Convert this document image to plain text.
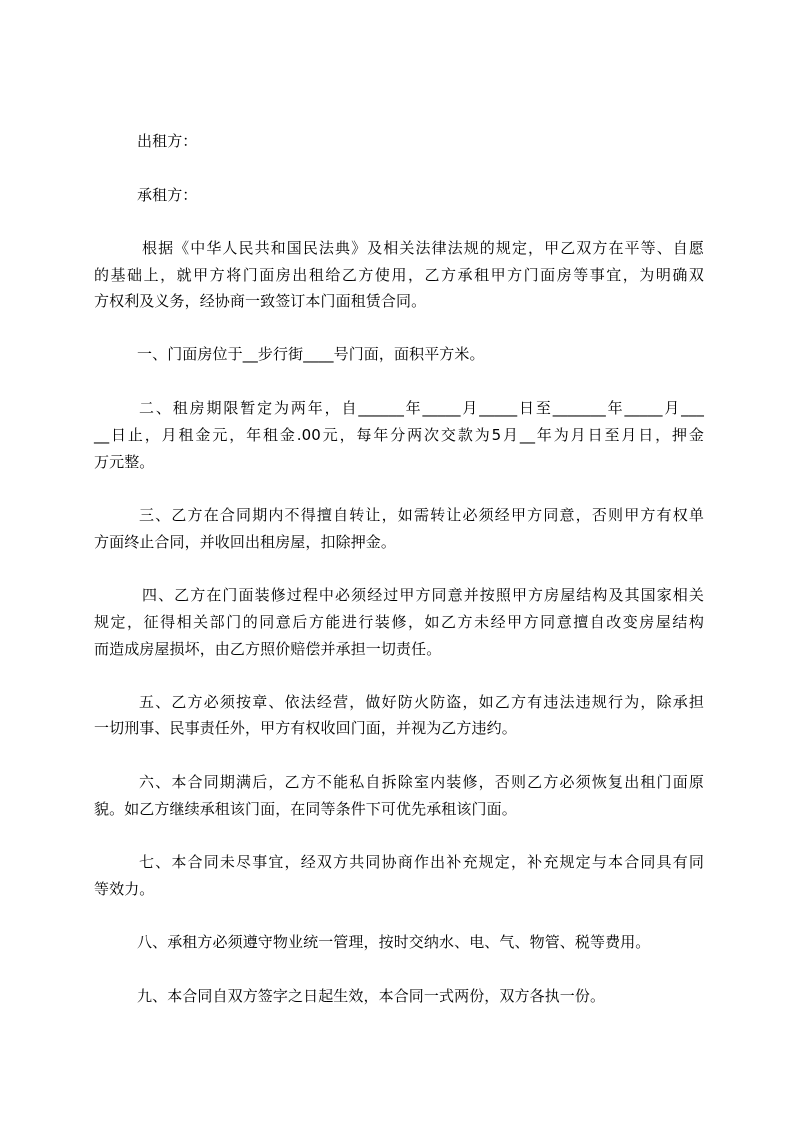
出租方：
承租方：
根据《中华人民共和国民法典》及相关法律法规的规定，甲乙双方在平等、自愿
的基础上，就甲方将门面房出租给乙方使用，乙方承租甲方门面房等事宜，为明确双
方权利及义务，经协商一致签订本门面租赁合同。
一、门面房位于__步行街____号门面，面积平方米。
二、租房期限暂定为两年，自______年_____月_____日至_______年_____月___
__日止，月租金元，年租金.00元，每年分两次交款为5月__年为月日至月日，押金
万元整。
三、乙方在合同期内不得擅自转让，如需转让必须经甲方同意，否则甲方有权单
方面终止合同，并收回出租房屋，扣除押金。
四、乙方在门面装修过程中必须经过甲方同意并按照甲方房屋结构及其国家相关
规定，征得相关部门的同意后方能进行装修，如乙方未经甲方同意擅自改变房屋结构
而造成房屋损坏，由乙方照价赔偿并承担一切责任。
五、乙方必须按章、依法经营，做好防火防盗，如乙方有违法违规行为，除承担
一切刑事、民事责任外，甲方有权收回门面，并视为乙方违约。
六、本合同期满后，乙方不能私自拆除室内装修，否则乙方必须恢复出租门面原
貌。如乙方继续承租该门面，在同等条件下可优先承租该门面。
七、本合同未尽事宜，经双方共同协商作出补充规定，补充规定与本合同具有同
等效力。
八、承租方必须遵守物业统一管理，按时交纳水、电、气、物管、税等费用。
九、本合同自双方签字之日起生效，本合同一式两份，双方各执一份。
